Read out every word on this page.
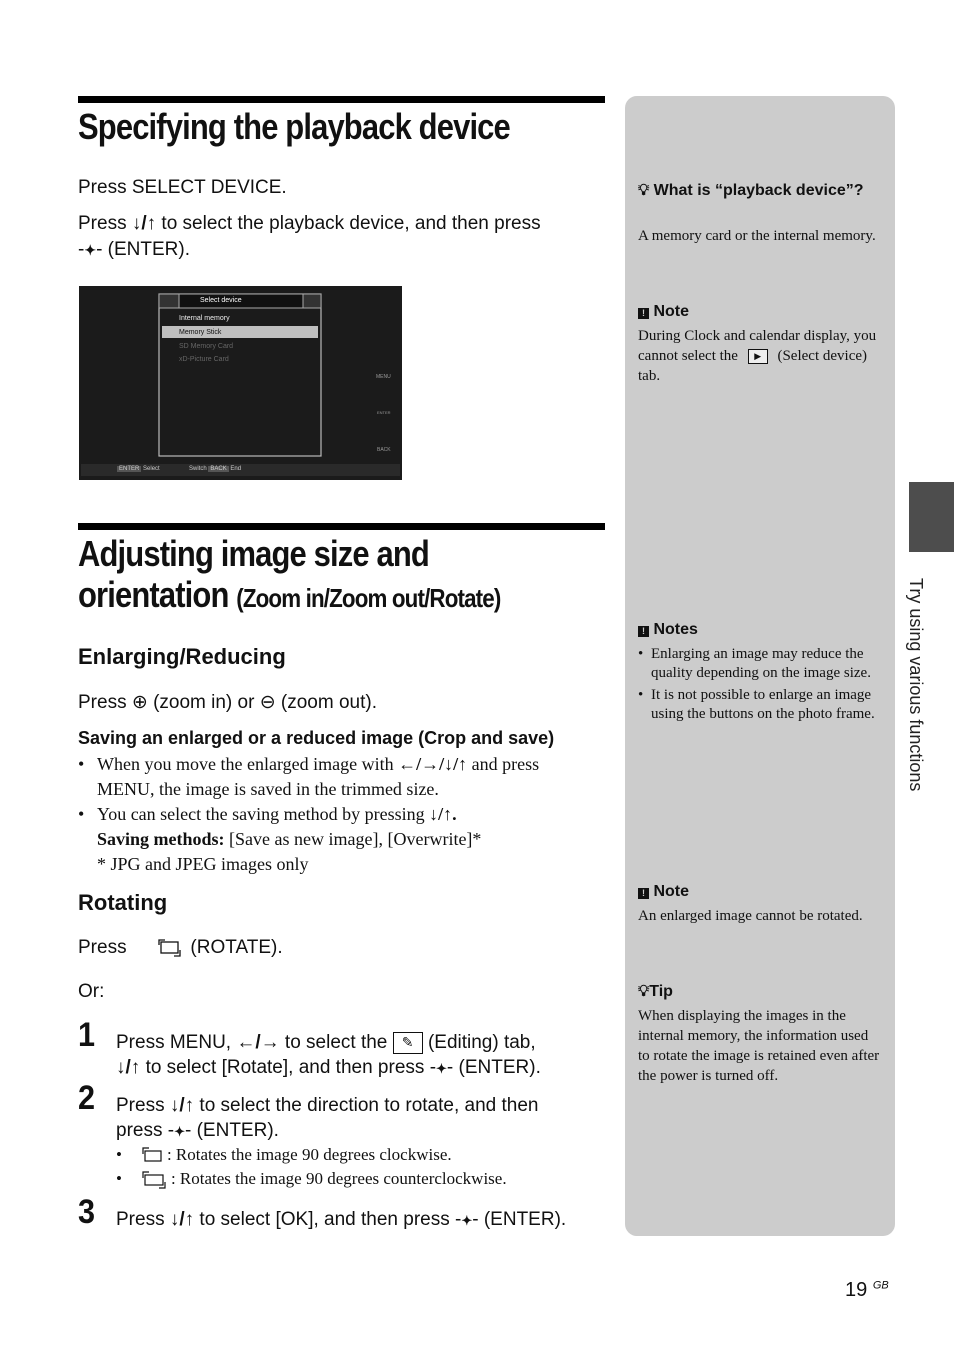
Specifying the playback device
Press SELECT DEVICE.
Press ↓/↑ to select the playback device, and then press
-✦- (ENTER).
Select device
Internal memory
Memory Stick
SD Memory Card
xD-Picture Card
MENU
ENTER
BACK
ENTER Select	Switch BACK End
Adjusting image size and
orientation (Zoom in/Zoom out/Rotate)
Enlarging/Reducing
Press ⊕ (zoom in) or ⊖ (zoom out).
Saving an enlarged or a reduced image (Crop and save)
• When you move the enlarged image with ←/→/↓/↑ and press
MENU, the image is saved in the trimmed size.
• You can select the saving method by pressing ↓/↑.
Saving methods: [Save as new image], [Overwrite]*
* JPG and JPEG images only
Rotating
Press	(ROTATE).
Or:
1 Press MENU, ←/→ to select the ✎ (Editing) tab,
↓/↑ to select [Rotate], and then press -✦- (ENTER).
2 Press ↓/↑ to select the direction to rotate, and then
press -✦- (ENTER).
•    : Rotates the image 90 degrees clockwise.
•    : Rotates the image 90 degrees counterclockwise.
3 Press ↓/↑ to select [OK], and then press -✦- (ENTER).
💡︎ What is “playback device”?
A memory card or the internal memory.
! Note
During Clock and calendar display, you cannot select the ▶ (Select device) tab.
! Notes
• Enlarging an image may reduce the quality depending on the image size.
• It is not possible to enlarge an image using the buttons on the photo frame.
! Note
An enlarged image cannot be rotated.
💡︎Tip
When displaying the images in the internal memory, the information used to rotate the image is retained even after the power is turned off.
Try using various functions
19 $^{GB}$
